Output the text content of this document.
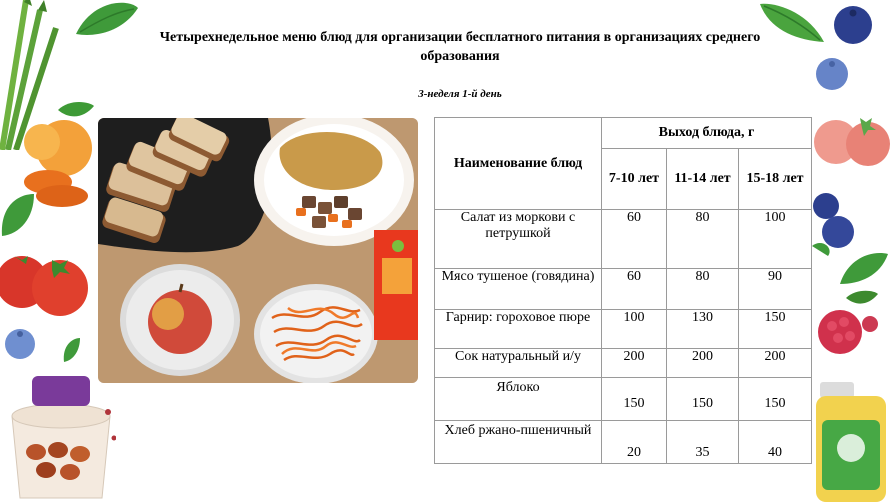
Четырехнедельное меню блюд для организации бесплатного питания в организациях среднего образования
3-неделя 1-й день
Наименование блюд	Выход блюда, г		
	7-10 лет	11-14 лет	15-18 лет
Салат из моркови с петрушкой	60	80	100
Мясо тушеное (говядина)	60	80	90
Гарнир: гороховое пюре	100	130	150
Сок натуральный и/у	200	200	200
Яблоко	150	150	150
Хлеб ржано-пшеничный	20	35	40
